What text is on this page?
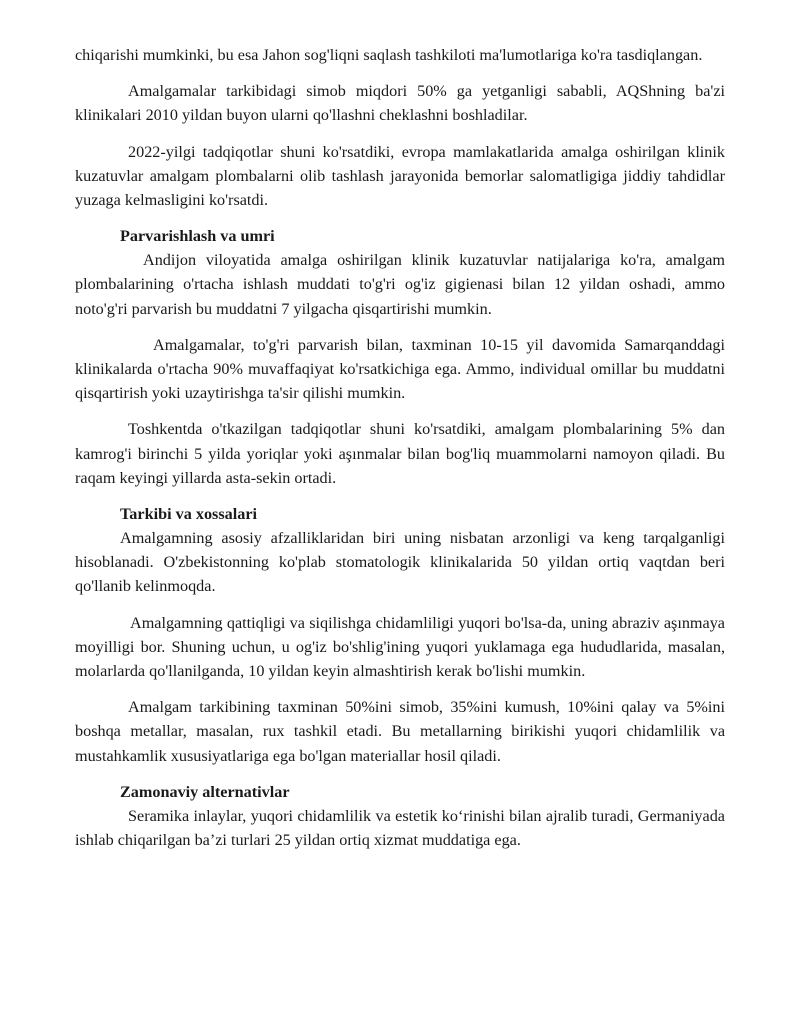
chiqarishi mumkinki, bu esa Jahon sog'liqni saqlash tashkiloti ma'lumotlariga ko'ra tasdiqlangan.

Amalgamalar tarkibidagi simob miqdori 50% ga yetganligi sababli, AQShning ba'zi klinikalari 2010 yildan buyon ularni qo'llashni cheklashni boshladilar.

2022-yilgi tadqiqotlar shuni ko'rsatdiki, evropa mamlakatlarida amalga oshirilgan klinik kuzatuvlar amalgam plombalarni olib tashlash jarayonida bemorlar salomatligiga jiddiy tahdidlar yuzaga kelmasligini ko'rsatdi.

Parvarishlash va umri

Andijon viloyatida amalga oshirilgan klinik kuzatuvlar natijalariga ko'ra, amalgam plombalarining o'rtacha ishlash muddati to'g'ri og'iz gigienasi bilan 12 yildan oshadi, ammo noto'g'ri parvarish bu muddatni 7 yilgacha qisqartirishi mumkin.

Amalgamalar, to'g'ri parvarish bilan, taxminan 10-15 yil davomida Samarqanddagi klinikalarda o'rtacha 90% muvaffaqiyat ko'rsatkichiga ega. Ammo, individual omillar bu muddatni qisqartirish yoki uzaytirishga ta'sir qilishi mumkin.

Toshkentda o'tkazilgan tadqiqotlar shuni ko'rsatdiki, amalgam plombalarining 5% dan kamrog'i birinchi 5 yilda yoriqlar yoki aşınmalar bilan bog'liq muammolarni namoyon qiladi. Bu raqam keyingi yillarda asta-sekin ortadi.

Tarkibi va xossalari

Amalgamning asosiy afzalliklaridan biri uning nisbatan arzonligi va keng tarqalganligi hisoblanadi. O'zbekistonning ko'plab stomatologik klinikalarida 50 yildan ortiq vaqtdan beri qo'llanib kelinmoqda.

Amalgamning qattiqligi va siqilishga chidamliligi yuqori bo'lsa-da, uning abraziv aşınmaya moyilligi bor. Shuning uchun, u og'iz bo'shlig'ining yuqori yuklamaga ega hududlarida, masalan, molarlarda qo'llanilganda, 10 yildan keyin almashtirish kerak bo'lishi mumkin.

Amalgam tarkibining taxminan 50%ini simob, 35%ini kumush, 10%ini qalay va 5%ini boshqa metallar, masalan, rux tashkil etadi. Bu metallarning birikishi yuqori chidamlilik va mustahkamlik xususiyatlariga ega bo'lgan materiallar hosil qiladi.

Zamonaviy alternativlar

Seramika inlaylar, yuqori chidamlilik va estetik ko‘rinishi bilan ajralib turadi, Germaniyada ishlab chiqarilgan ba’zi turlari 25 yildan ortiq xizmat muddatiga ega.
